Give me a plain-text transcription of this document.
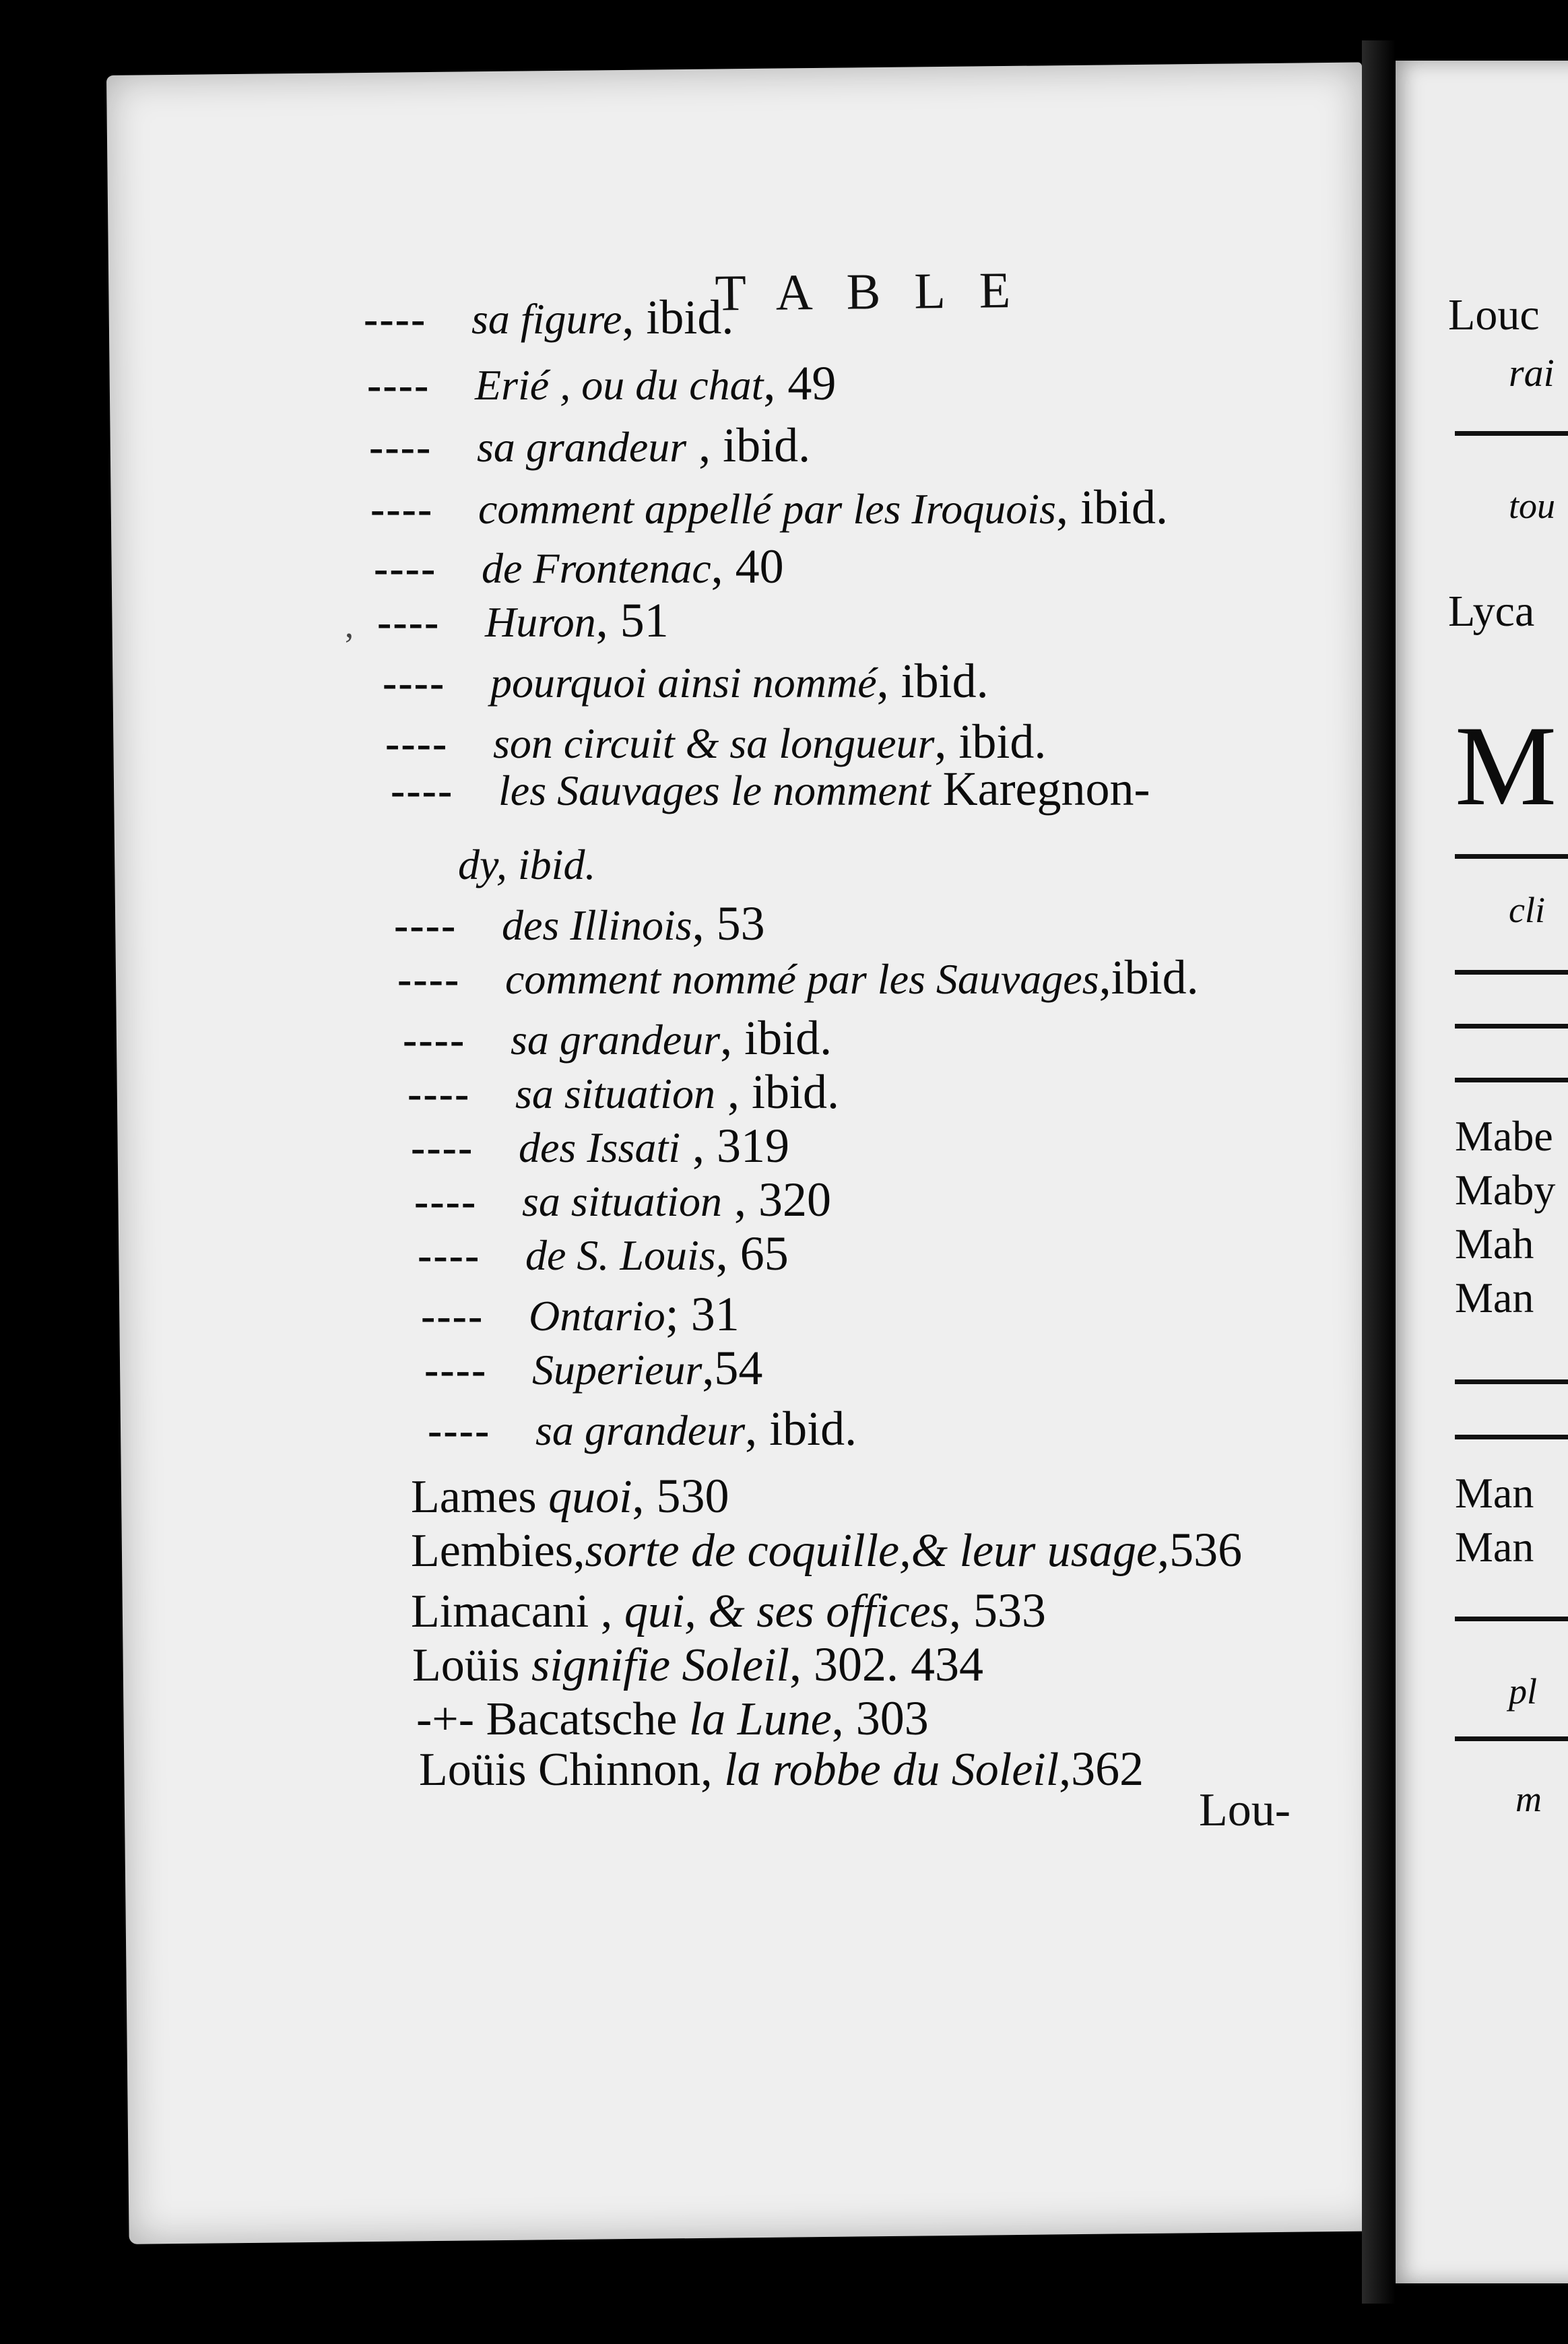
TABLE
---- sa figure, ibid.
---- Erié , ou du chat, 49
---- sa grandeur , ibid.
---- comment appellé par les Iroquois, ibid.
---- de Frontenac, 40
---- Huron, 51
---- pourquoi ainsi nommé, ibid.
---- son circuit & sa longueur, ibid.
---- les Sauvages le nomment Karegnon-
dy, ibid.
---- des Illinois, 53
---- comment nommé par les Sauvages,ibid.
---- sa grandeur, ibid.
---- sa situation , ibid.
---- des Issati , 319
---- sa situation , 320
---- de S. Louis, 65
---- Ontario; 31
---- Superieur,54
---- sa grandeur, ibid.
Lames quoi, 530
Lembies,sorte de coquille,& leur usage,536
Limacani , qui, & ses offices, 533
Loüis signifie Soleil, 302. 434
-+- Bacatsche la Lune, 303
Loüis Chinnon, la robbe du Soleil,362
Lou-
,
Louc
rai
tou
Lyca
M
cli
Mabe
Maby
Mah
Man
Man
Man
pl
m
